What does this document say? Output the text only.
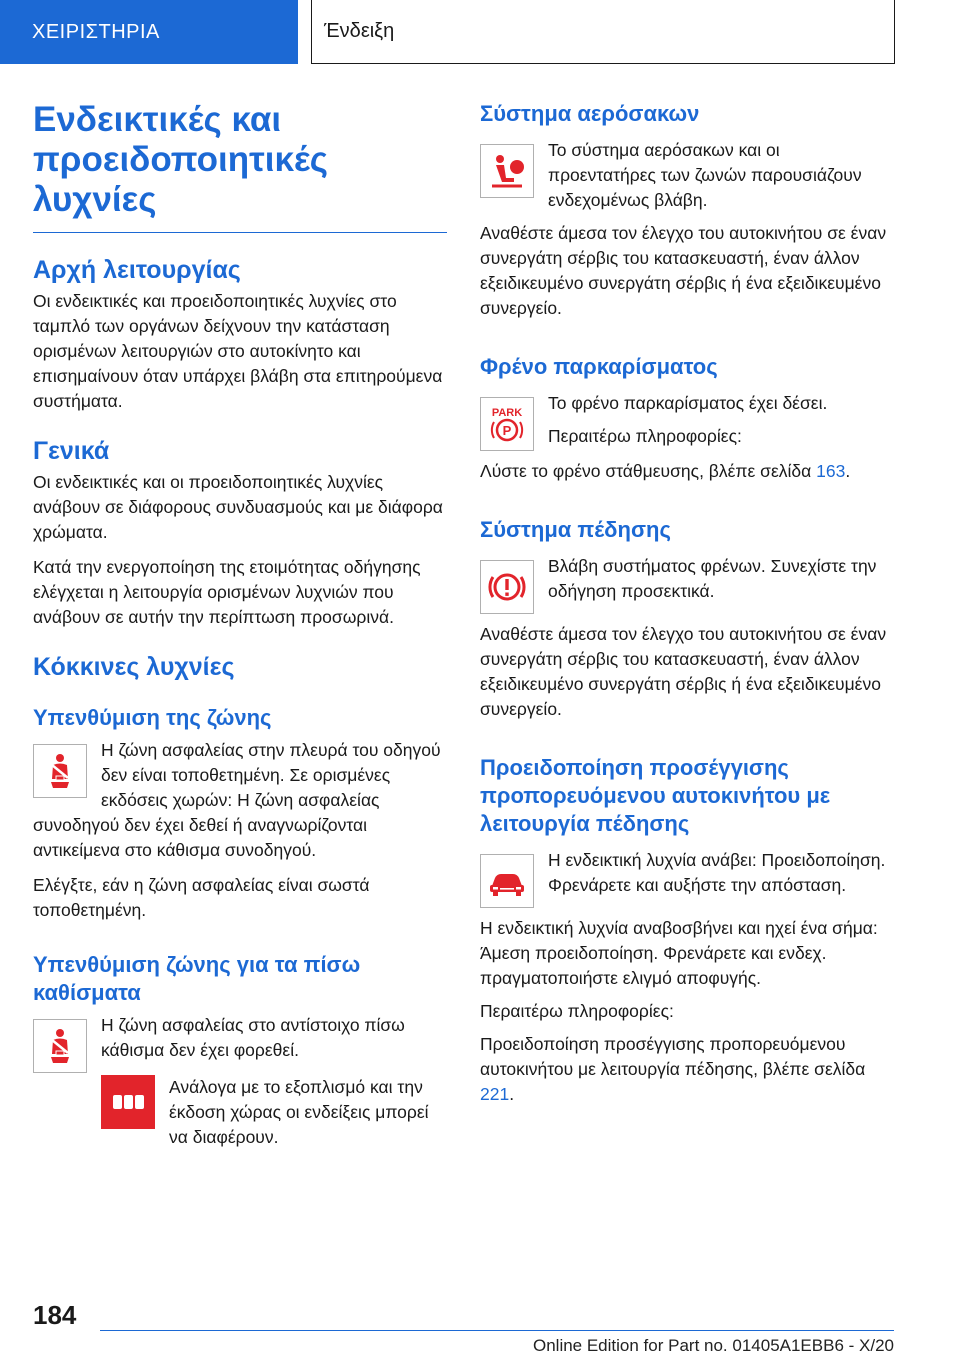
ΧΕΙΡΙΣΤΗΡΙΑ	Ένδειξη
Ενδεικτικές και προειδοποιητικές λυχνίες
Αρχή λειτουργίας

Οι ενδεικτικές και προειδοποιητικές λυχνίες στο ταμπλό των οργάνων δείχνουν την κατάσταση ορισμένων λειτουργιών στο αυτοκίνητο και επισημαίνουν όταν υπάρχει βλάβη στα επιτηρούμενα συστήματα.

Γενικά

Οι ενδεικτικές και οι προειδοποιητικές λυχνίες ανάβουν σε διάφορους συνδυασμούς και με διάφορα χρώματα.

Κατά την ενεργοποίηση της ετοιμότητας οδήγησης ελέγχεται η λειτουργία ορισμένων λυχνιών που ανάβουν σε αυτήν την περίπτωση προσωρινά.

Κόκκινες λυχνίες
Υπενθύμιση της ζώνης

Η ζώνη ασφαλείας στην πλευρά του οδηγού δεν είναι τοποθετημένη. Σε ορισμένες εκδόσεις χωρών: Η ζώνη ασφαλείας συνοδηγού δεν έχει δεθεί ή αναγνωρίζονται αντικείμενα στο κάθισμα συνοδηγού.

Ελέγξτε, εάν η ζώνη ασφαλείας είναι σωστά τοποθετημένη.

Υπενθύμιση ζώνης για τα πίσω καθίσματα

Η ζώνη ασφαλείας στο αντίστοιχο πίσω κάθισμα δεν έχει φορεθεί.

Ανάλογα με το εξοπλισμό και την έκδοση χώρας οι ενδείξεις μπορεί να διαφέρουν.

Σύστημα αερόσακων

Το σύστημα αερόσακων και οι προεντατήρες των ζωνών παρουσιάζουν ενδεχομένως βλάβη.

Αναθέστε άμεσα τον έλεγχο του αυτοκινήτου σε έναν συνεργάτη σέρβις του κατασκευαστή, έναν άλλον εξειδικευμένο συνεργάτη σέρβις ή ένα εξειδικευμένο συνεργείο.

Φρένο παρκαρίσματος
PARK
P

Το φρένο παρκαρίσματος έχει δέσει.

Περαιτέρω πληροφορίες:

Λύστε το φρένο στάθμευσης, βλέπε σελίδα 163.

Σύστημα πέδησης

Βλάβη συστήματος φρένων. Συνεχίστε την οδήγηση προσεκτικά.

Αναθέστε άμεσα τον έλεγχο του αυτοκινήτου σε έναν συνεργάτη σέρβις του κατασκευαστή, έναν άλλον εξειδικευμένο συνεργάτη σέρβις ή ένα εξειδικευμένο συνεργείο.

Προειδοποίηση προσέγγισης προπορευόμενου αυτοκινήτου με λειτουργία πέδησης

Η ενδεικτική λυχνία ανάβει: Προειδοποίηση. Φρενάρετε και αυξήστε την απόσταση.

Η ενδεικτική λυχνία αναβοσβήνει και ηχεί ένα σήμα: Άμεση προειδοποίηση. Φρενάρετε και ενδεχ. πραγματοποιήστε ελιγμό αποφυγής.

Περαιτέρω πληροφορίες:

Προειδοποίηση προσέγγισης προπορευόμενου αυτοκινήτου με λειτουργία πέδησης, βλέπε σελίδα 221.

184
Online Edition for Part no. 01405A1EBB6 - X/20
